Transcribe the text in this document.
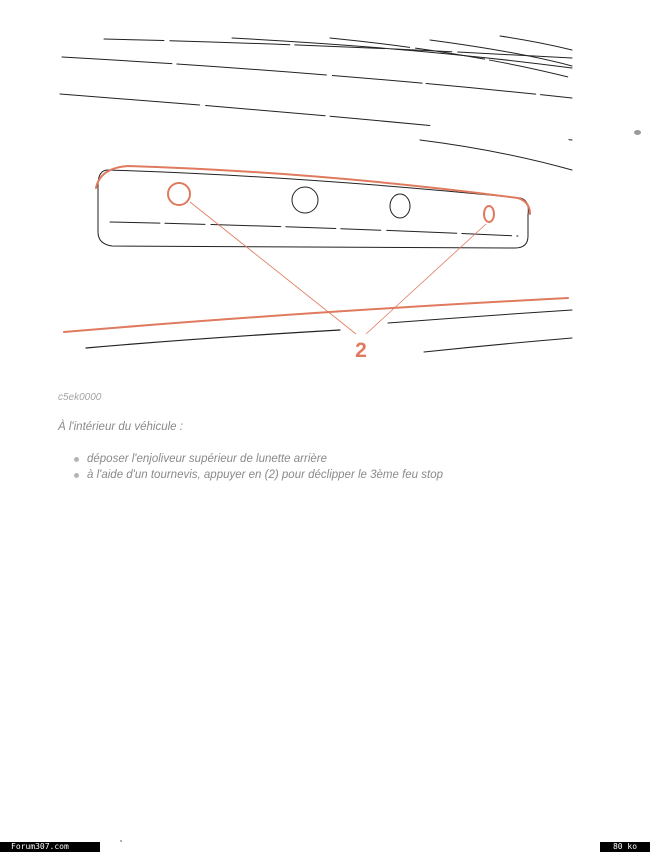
2
c5ek0000
À l'intérieur du véhicule :
déposer l'enjoliveur supérieur de lunette arrière
à l'aide d'un tournevis, appuyer en (2) pour déclipper le 3ème feu stop
Forum307.com	80 ko
